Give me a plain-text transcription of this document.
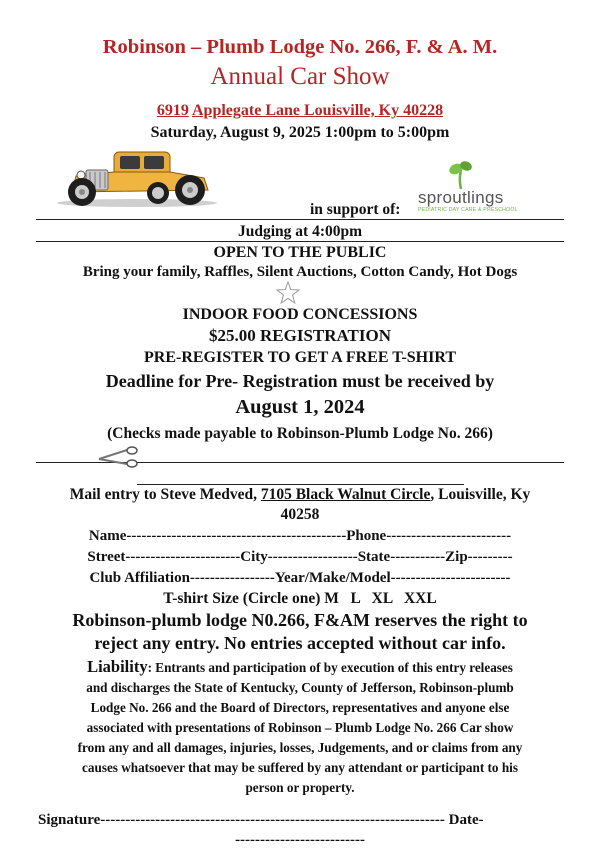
Robinson – Plumb Lodge No. 266, F. & A. M.
Annual Car Show
6919 Applegate Lane Louisville, Ky 40228
Saturday, August 9, 2025 1:00pm to 5:00pm
sproutlings
PEDIATRIC DAY CARE & PRESCHOOL
in support of:
Judging at 4:00pm
OPEN TO THE PUBLIC
Bring your family, Raffles, Silent Auctions, Cotton Candy, Hot Dogs
INDOOR FOOD CONCESSIONS
$25.00 REGISTRATION
PRE-REGISTER TO GET A FREE T-SHIRT
Deadline for Pre- Registration must be received by
August 1, 2024
(Checks made payable to Robinson-Plumb Lodge No. 266)
Mail entry to Steve Medved, 7105 Black Walnut Circle, Louisville, Ky
40258
Name--------------------------------------------Phone-------------------------
Street-----------------------City------------------State-----------Zip---------
Club Affiliation-----------------Year/Make/Model------------------------
T-shirt Size (Circle one) M   L   XL   XXL
Robinson-plumb lodge N0.266, F&AM reserves the right to
reject any entry. No entries accepted without car info.
Liability: Entrants and participation of by execution of this entry releases
and discharges the State of Kentucky, County of Jefferson, Robinson-plumb
Lodge No. 266 and the Board of Directors, representatives and anyone else
associated with presentations of Robinson – Plumb Lodge No. 266 Car show
from any and all damages, injuries, losses, Judgements, and or claims from any
causes whatsoever that may be suffered by any attendant or participant to his
person or property.
Signature--------------------------------------------------------------------- Date-
--------------------------
